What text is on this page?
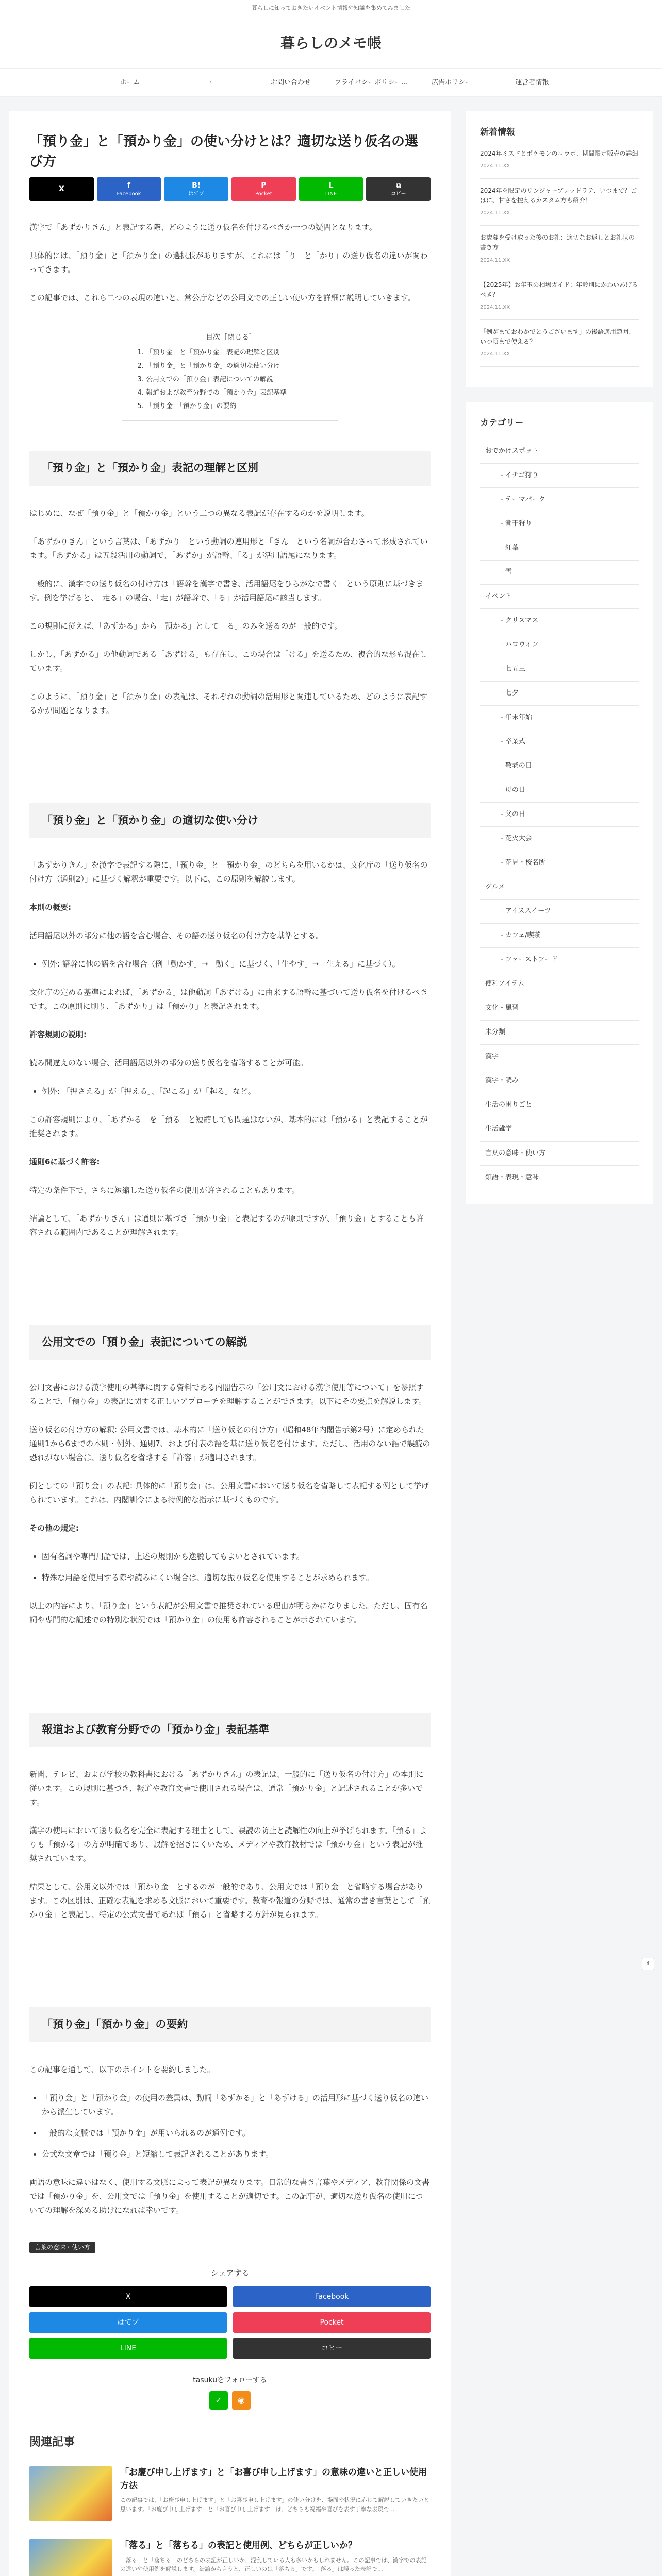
暮らしに知っておきたいイベント情報や知識を集めてみました
暮らしのメモ帳
ホーム	・	お問い合わせ	プライバシーポリシー...	広告ポリシー	運営者情報
「預り金」と「預かり金」の使い分けとは？適切な送り仮名の選び方
X	f
Facebook
B!
はてブ
P
Pocket
L
LINE
⧉
コピー

漢字で「あずかりきん」と表記する際、どのように送り仮名を付けるべきか一つの疑問となります。

具体的には、「預り金」と「預かり金」の選択肢がありますが、これには「り」と「かり」の送り仮名の違いが関わってきます。

この記事では、これら二つの表現の違いと、常公庁などの公用文での正しい使い方を詳細に説明していきます。

目次［閉じる］
1. 「預り金」と「預かり金」表記の理解と区別
2. 「預り金」と「預かり金」の適切な使い分け
3. 公用文での「預り金」表記についての解説
4. 報道および教育分野での「預かり金」表記基準
5. 「預り金」「預かり金」の要約
「預り金」と「預かり金」表記の理解と区別

はじめに、なぜ「預り金」と「預かり金」という二つの異なる表記が存在するのかを説明します。

「あずかりきん」という言葉は、「あずかり」という動詞の連用形と「きん」という名詞が合わさって形成されています。「あずかる」は五段活用の動詞で、「あずか」が語幹、「る」が活用語尾になります。

一般的に、漢字での送り仮名の付け方は「語幹を漢字で書き、活用語尾をひらがなで書く」という原則に基づきます。例を挙げると、「走る」の場合、「走」が語幹で、「る」が活用語尾に該当します。

この規則に従えば、「あずかる」から「預かる」として「る」のみを送るのが一般的です。

しかし、「あずかる」の他動詞である「あずける」も存在し、この場合は「ける」を送るため、複合的な形も混在しています。

このように、「預り金」と「預かり金」の表記は、それぞれの動詞の活用形と関連しているため、どのように表記するかが問題となります。

「預り金」と「預かり金」の適切な使い分け

「あずかりきん」を漢字で表記する際に、「預り金」と「預かり金」のどちらを用いるかは、文化庁の「送り仮名の付け方（通則2）」に基づく解釈が重要です。以下に、この原則を解説します。

本則の概要:

活用語尾以外の部分に他の語を含む場合、その語の送り仮名の付け方を基準とする。

• 例外: 語幹に他の語を含む場合（例「動かす」→「動く」に基づく、「生やす」→「生える」に基づく）。

文化庁の定める基準によれば、「あずかる」は他動詞「あずける」に由来する語幹に基づいて送り仮名を付けるべきです。この原則に則り、「あずかり」は「預かり」と表記されます。

許容規則の説明:

読み間違えのない場合、活用語尾以外の部分の送り仮名を省略することが可能。

• 例外: 「押さえる」が「押える」、「起こる」が「起る」など。

この許容規則により、「あずかる」を「預る」と短縮しても問題はないが、基本的には「預かる」と表記することが推奨されます。

通則6に基づく許容:

特定の条件下で、さらに短縮した送り仮名の使用が許されることもあります。

結論として、「あずかりきん」は通則に基づき「預かり金」と表記するのが原則ですが、「預り金」とすることも許容される範囲内であることが理解されます。

公用文での「預り金」表記についての解説

公用文書における漢字使用の基準に関する資料である内閣告示の「公用文における漢字使用等について」を参照することで、「預り金」の表記に関する正しいアプローチを理解することができます。以下にその要点を解説します。

送り仮名の付け方の解釈: 公用文書では、基本的に「送り仮名の付け方」（昭和48年内閣告示第2号）に定められた通則1から6までの本則・例外、通則7、および付表の語を基に送り仮名を付けます。ただし、活用のない語で誤読の恐れがない場合は、送り仮名を省略する「許容」が適用されます。

例としての「預り金」の表記: 具体的に「預り金」は、公用文書において送り仮名を省略して表記する例として挙げられています。これは、内閣訓令による特例的な指示に基づくものです。

その他の規定:

• 固有名詞や専門用語では、上述の規則から逸脱してもよいとされています。
• 特殊な用語を使用する際や読みにくい場合は、適切な振り仮名を使用することが求められます。

以上の内容により、「預り金」という表記が公用文書で推奨されている理由が明らかになりました。ただし、固有名詞や専門的な記述での特別な状況では「預かり金」の使用も許容されることが示されています。

報道および教育分野での「預かり金」表記基準

新聞、テレビ、および学校の教科書における「あずかりきん」の表記は、一般的に「送り仮名の付け方」の本則に従います。この規則に基づき、報道や教育文書で使用される場合は、通常「預かり金」と記述されることが多いです。

漢字の使用において送り仮名を完全に表記する理由として、誤読の防止と読解性の向上が挙げられます。「預る」よりも「預かる」の方が明確であり、誤解を招きにくいため、メディアや教育教材では「預かり金」という表記が推奨されています。

結果として、公用文以外では「預かり金」とするのが一般的であり、公用文では「預り金」と省略する場合があります。この区別は、正確な表記を求める文脈において重要です。教育や報道の分野では、通常の書き言葉として「預かり金」と表記し、特定の公式文書であれば「預る」と省略する方針が見られます。

「預り金」「預かり金」の要約

この記事を通して、以下のポイントを要約しました。

• 「預り金」と「預かり金」の使用の差異は、動詞「あずかる」と「あずける」の活用形に基づく送り仮名の違いから派生しています。
• 一般的な文脈では「預かり金」が用いられるのが通例です。
• 公式な文章では「預り金」と短縮して表記されることがあります。

両語の意味に違いはなく、使用する文脈によって表記が異なります。日常的な書き言葉やメディア、教育関係の文書では「預かり金」を、公用文では「預り金」を使用することが適切です。この記事が、適切な送り仮名の使用についての理解を深める助けになれば幸いです。

言葉の意味・使い方
シェアする
X	Facebook
はてブ	Pocket
LINE	コピー
tasukuをフォローする
✓	◉
関連記事
「お慶び申し上げます」と「お喜び申し上げます」の意味の違いと正しい使用方法
この記事では、「お慶び申し上げます」と「お喜び申し上げます」の使い分けを、場面や状況に応じて解説していきたいと思います。「お慶び申し上げます」と「お喜び申し上げます」は、どちらも祝福や喜びを表す丁寧な表現で…
「落る」と「落ちる」の表記と使用例、どちらが正しいか？
「落る」と「落ちる」のどちらの表記が正しいか、混乱している人も多いかもしれません。この記事では、漢字での表記の違いや使用例を解説します。結論から言うと、正しいのは「落ちる」です。「落る」は誤った表記で…
新着情報
2024年ミスドとポケモンのコラボ、期間限定販売の詳細
2024.11.XX
2024年を限定のリンジャーブレッドラテ、いつまで？ごはに、甘さを控えるカスタム方も紹介！
2024.11.XX
お歳暮を受け取った後のお礼：適切なお返しとお礼状の書き方
2024.11.XX
【2025年】お年玉の相場ガイド：年齢別にかわいあげるべき？
2024.11.XX
「例がまておわかでとうございます」の後語適用範囲、いつ頃まで使える？
2024.11.XX
カテゴリー
おでかけスポット
- イチゴ狩り
- テーマパーク
- 潮干狩り
- 紅葉
- 雪
イベント
- クリスマス
- ハロウィン
- 七五三
- 七夕
- 年末年始
- 卒業式
- 敬老の日
- 母の日
- 父の日
- 花火大会
- 花見・桜名所
グルメ
- アイススイーツ
- カフェ/喫茶
- ファーストフード
便利アイテム
文化・風習
未分類
漢字
漢字・読み
生活の困りごと
生活雑学
言葉の意味・使い方
類語・表現・意味
⇑
